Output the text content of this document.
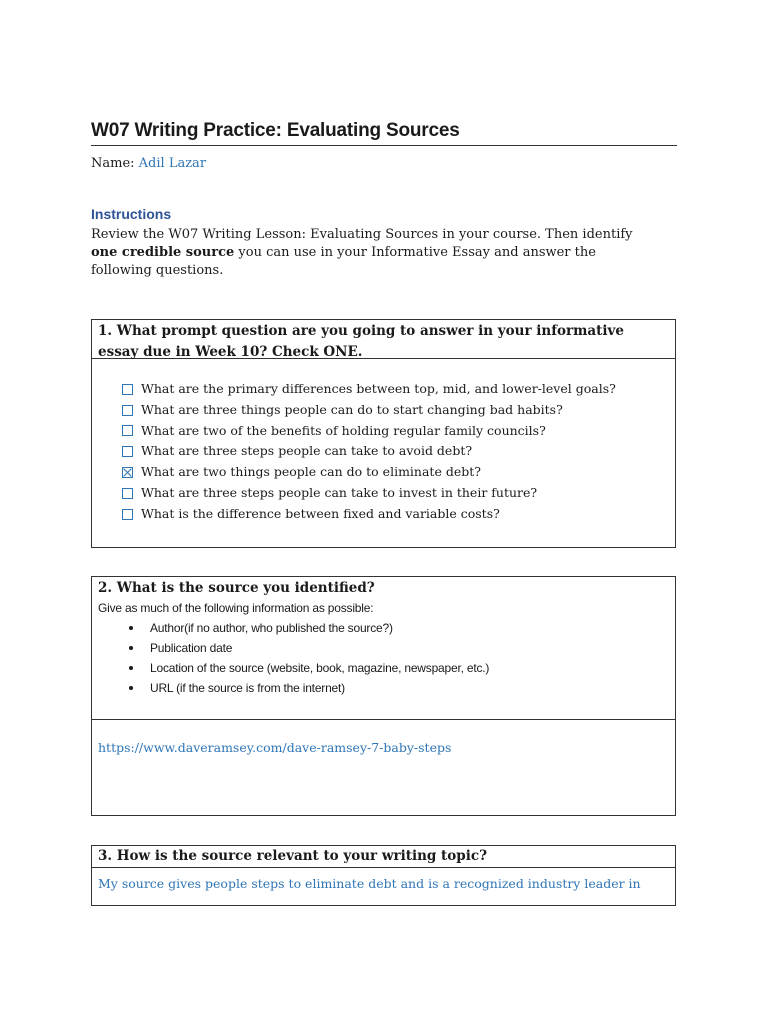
W07 Writing Practice: Evaluating Sources
Name: Adil Lazar
Instructions
Review the W07 Writing Lesson: Evaluating Sources in your course. Then identify one credible source you can use in your Informative Essay and answer the following questions.
1. What prompt question are you going to answer in your informative essay due in Week 10? Check ONE.
What are the primary differences between top, mid, and lower-level goals?
What are three things people can do to start changing bad habits?
What are two of the benefits of holding regular family councils?
What are three steps people can take to avoid debt?
What are two things people can do to eliminate debt?
What are three steps people can take to invest in their future?
What is the difference between fixed and variable costs?
2. What is the source you identified?
Give as much of the following information as possible:
Author(if no author, who published the source?)
Publication date
Location of the source (website, book, magazine, newspaper, etc.)
URL (if the source is from the internet)
https://www.daveramsey.com/dave-ramsey-7-baby-steps
3. How is the source relevant to your writing topic?
My source gives people steps to eliminate debt and is a recognized industry leader in
